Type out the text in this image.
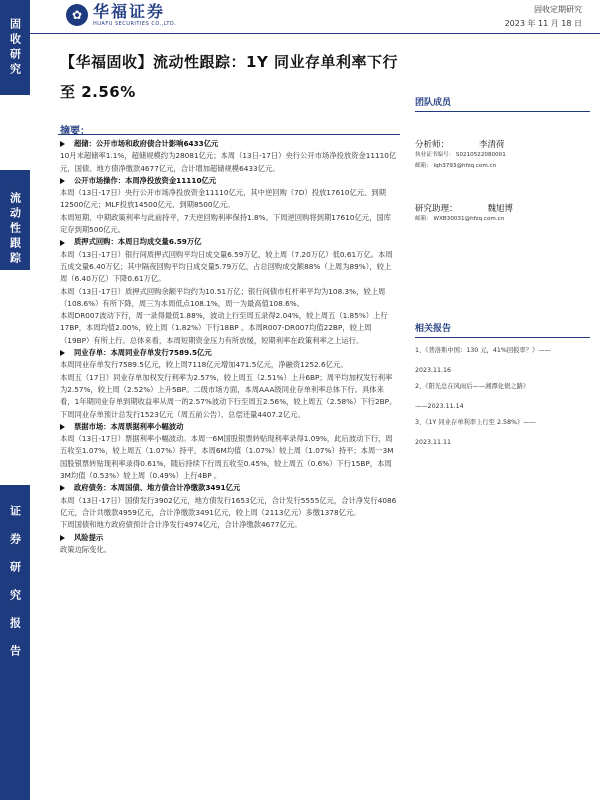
固收研究
流动性跟踪
证券研究报告
✿ 华福证券
HUAFU SECURITIES CO.,LTD.
固收定期研究
2023 年 11 月 18 日
【华福固收】流动性跟踪：1Y 同业存单利率下行至 2.56%
摘要：
超储：公开市场和政府债合计影响6433亿元
10月末超储率1.1%，超储规模约为28081亿元；本周（13日-17日）央行公开市场净投放资金11110亿元，国债、地方债净缴款4677亿元，合计增加超储规模6433亿元。
公开市场操作：本周净投放资金11110亿元
本周（13日-17日）央行公开市场净投放资金11110亿元，其中逆回购（7D）投放17610亿元、到期12500亿元；MLF投放14500亿元、到期8500亿元。
本周短期、中期政策利率与此前持平，7天逆回购利率保持1.8%。下周逆回购将到期17610亿元，国库定存到期500亿元。
质押式回购：本周日均成交量6.59万亿
本周（13日-17日）银行间质押式回购平均日成交量6.59万亿，较上周（7.20万亿）低0.61万亿。本周五成交量6.40万亿；其中隔夜回购平均日成交量5.79万亿，占总回购成交额88%（上周为89%），较上周（6.40万亿）下降0.61万亿。
本周（13日-17日）质押式回购余额平均约为10.51万亿；银行间债市杠杆率平均为108.3%，较上周（108.6%）有所下降，周三为本周低点108.1%，周一为最高值108.6%。
本周DR007波动下行，周一录得最低1.88%，波动上行至周五录得2.04%，较上周五（1.85%）上行17BP，本周均值2.00%，较上周（1.82%）下行18BP 。本周R007-DR007均值22BP，较上周（19BP）有所上行。总体来看，本周短期资金压力有所放缓，短期利率在政策利率之上运行。
同业存单：本周同业存单发行7589.5亿元
本周同业存单发行7589.5亿元，较上周7118亿元增加471.5亿元，净融资1252.6亿元。
本周五（17日）同业存单加权发行利率为2.57%，较上周五（2.51%）上升6BP；周平均加权发行利率为2.57%，较上周（2.52%）上升5BP。二级市场方面，本周AAA级同业存单利率总体下行。具体来看，1年期同业存单到期收益率从周一的2.57%波动下行至周五2.56%，较上周五（2.58%）下行2BP。
下周同业存单预计总发行1523亿元（周五前公告）、总偿还量4407.2亿元。
票据市场：本周票据利率小幅波动
本周（13日-17日）票据利率小幅波动。本周一6M国股银票转贴现利率录得1.09%，此后波动下行，周五收至1.07%，较上周五（1.07%）持平，本周6M均值（1.07%）较上周（1.07%）持平；本周一3M国股银票转贴现利率录得0.61%，随后持续下行周五收至0.45%，较上周五（0.6%）下行15BP，本周3M均值（0.53%）较上周（0.49%）上行4BP 。
政府债务：本周国债、地方债合计净缴款3491亿元
本周（13日-17日）国债发行3902亿元，地方债发行1653亿元，合计发行5555亿元，合计净发行4086亿元，合计共缴款4959亿元，合计净缴款3491亿元，较上周（2113亿元）多缴1378亿元。
下周国债和地方政府债预计合计净发行4974亿元，合计净缴款4677亿元。
风险提示
政策边际变化。
团队成员
分析师：	李清荷
执业证书编号： S0210522080001
邮箱： lqh3793@hfzq.com.cn
研究助理：	魏旭博
邮箱： WXB30031@hfzq.com.cn
相关报告
1、《普洛斯中国：130 元，41%回报率？》——
2023.11.16
2、《阳光总在风雨后——湘潭化债之路》
——2023.11.14
3、《1Y 同业存单利率上行至 2.58%》——
2023.11.11
